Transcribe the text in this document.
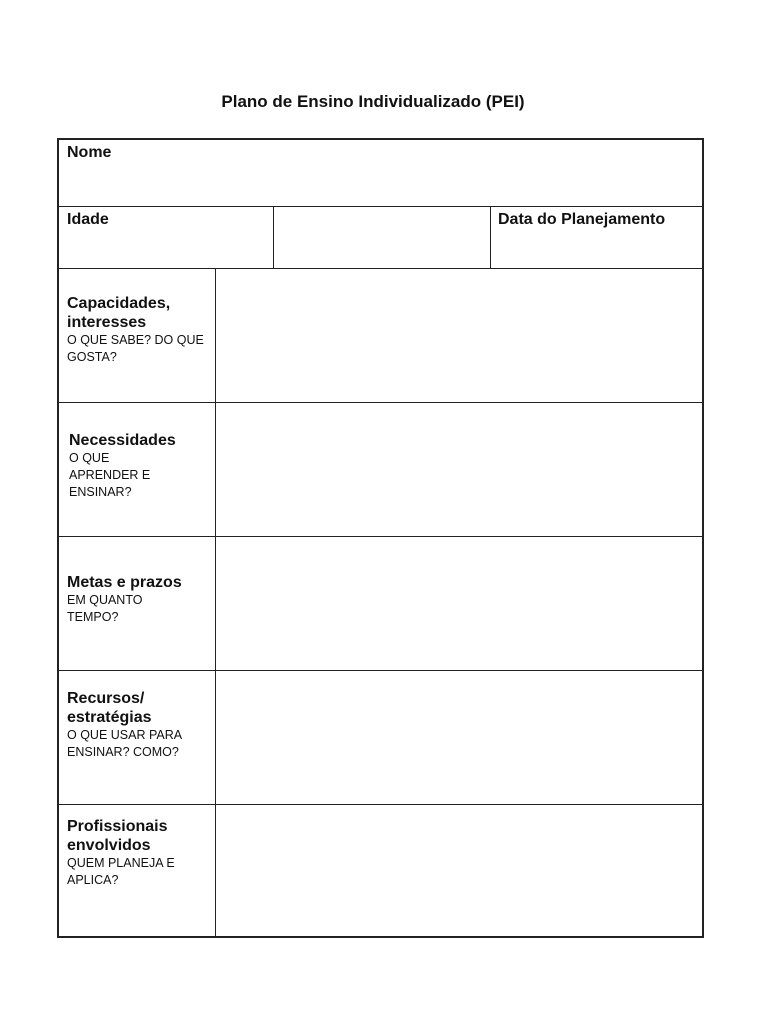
Plano de Ensino Individualizado (PEI)
Nome
Idade	Data do Planejamento
Capacidades, interesses
O QUE SABE? DO QUE GOSTA?
Necessidades
O QUE APRENDER E ENSINAR?
Metas e prazos
EM QUANTO TEMPO?
Recursos/ estratégias
O QUE USAR PARA ENSINAR? COMO?
Profissionais envolvidos
QUEM PLANEJA E APLICA?
